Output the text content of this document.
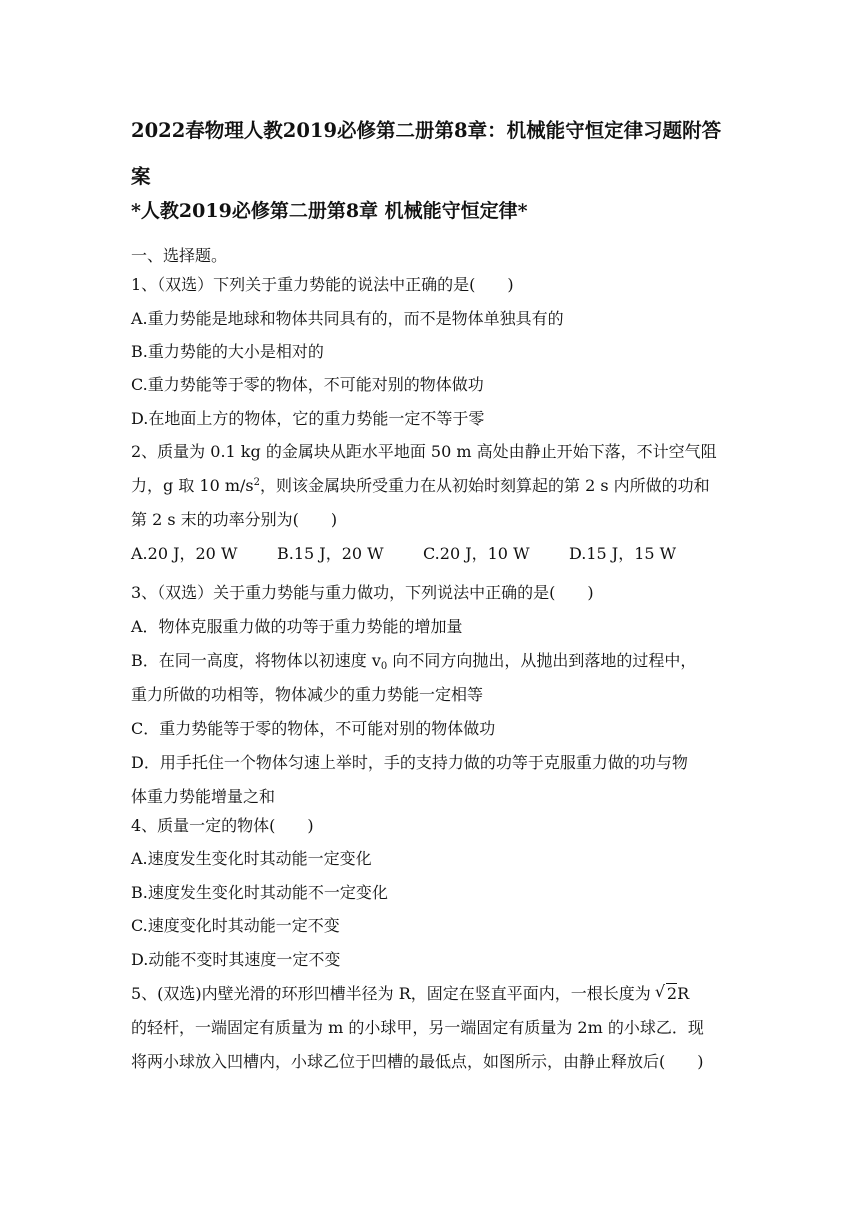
2022春物理人教2019必修第二册第8章：机械能守恒定律习题附答
案
*人教2019必修第二册第8章 机械能守恒定律*
一、选择题。
1、（双选）下列关于重力势能的说法中正确的是(　　)
A.重力势能是地球和物体共同具有的，而不是物体单独具有的
B.重力势能的大小是相对的
C.重力势能等于零的物体，不可能对别的物体做功
D.在地面上方的物体，它的重力势能一定不等于零
2、质量为 0.1 kg 的金属块从距水平地面 50 m 高处由静止开始下落，不计空气阻
力，g 取 10 $m/s^2$，则该金属块所受重力在从初始时刻算起的第 2 s 内所做的功和
第 2 s 末的功率分别为(　　)
A.20 J，20 W	B.15 J，20 W	C.20 J，10 W	D.15 J，15 W
3、（双选）关于重力势能与重力做功，下列说法中正确的是(　　)
A．物体克服重力做的功等于重力势能的增加量
B．在同一高度，将物体以初速度 $v_0$ 向不同方向抛出，从抛出到落地的过程中，
重力所做的功相等，物体减少的重力势能一定相等
C．重力势能等于零的物体，不可能对别的物体做功
D．用手托住一个物体匀速上举时，手的支持力做的功等于克服重力做的功与物
体重力势能增量之和
4、质量一定的物体(　　)
A.速度发生变化时其动能一定变化
B.速度发生变化时其动能不一定变化
C.速度变化时其动能一定不变
D.动能不变时其速度一定不变
5、(双选)内壁光滑的环形凹槽半径为 R，固定在竖直平面内，一根长度为 √ 2R
的轻杆，一端固定有质量为 m 的小球甲，另一端固定有质量为 2m 的小球乙．现
将两小球放入凹槽内，小球乙位于凹槽的最低点，如图所示，由静止释放后(　　)
